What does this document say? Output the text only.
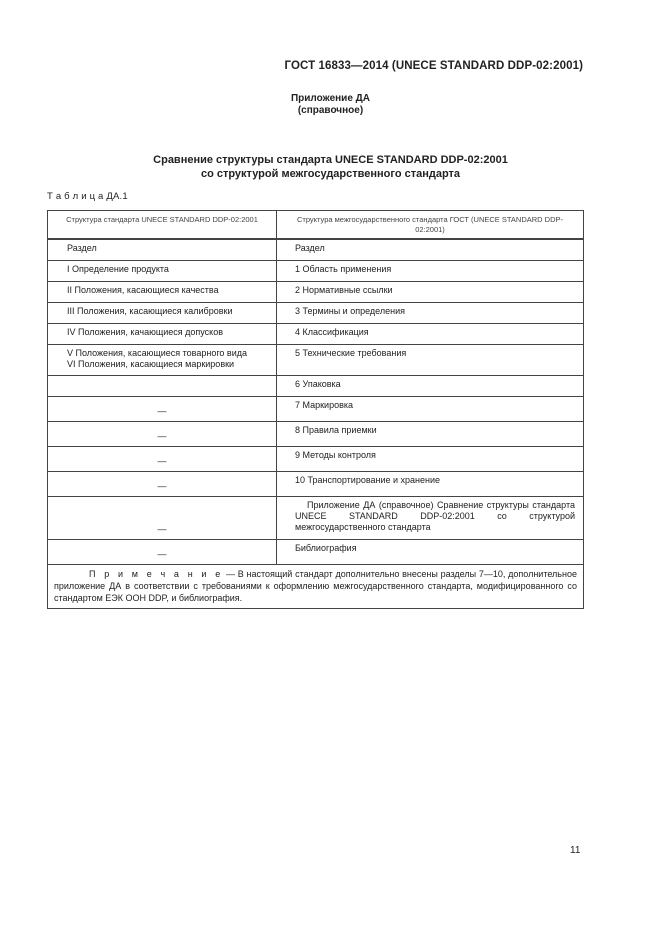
ГОСТ 16833—2014 (UNECE STANDARD DDP-02:2001)
Приложение ДА
(справочное)
Сравнение структуры стандарта UNECE STANDARD DDP-02:2001
со структурой межгосударственного стандарта
Т а б л и ц а ДА.1
Структура стандарта UNECE STANDARD DDP-02:2001	Структура межгосударственного стандарта ГОСТ (UNECE STANDARD DDP-02:2001)
Раздел	Раздел
I Определение продукта	1 Область применения
II Положения, касающиеся качества	2 Нормативные ссылки
III Положения, касающиеся калибровки	3 Термины и определения
IV Положения, качающиеся допусков	4 Классификация
V Положения, касающиеся товарного вида
VI Положения, касающиеся маркировки	5 Технические требования
	6 Упаковка
—	7 Маркировка
—	8 Правила приемки
—	9 Методы контроля
—	10 Транспортирование и хранение
—	Приложение ДА (справочное) Сравнение структуры стандарта UNECE STANDARD DDP-02:2001 со структурой межгосударственного стандарта
—	Библиография
П р и м е ч а н и е — В настоящий стандарт дополнительно внесены разделы 7—10, дополнительное приложение ДА в соответствии с требованиями к оформлению межгосударственного стандарта, модифицированного со стандартом ЕЭК ООН DDP, и библиография.	
11
